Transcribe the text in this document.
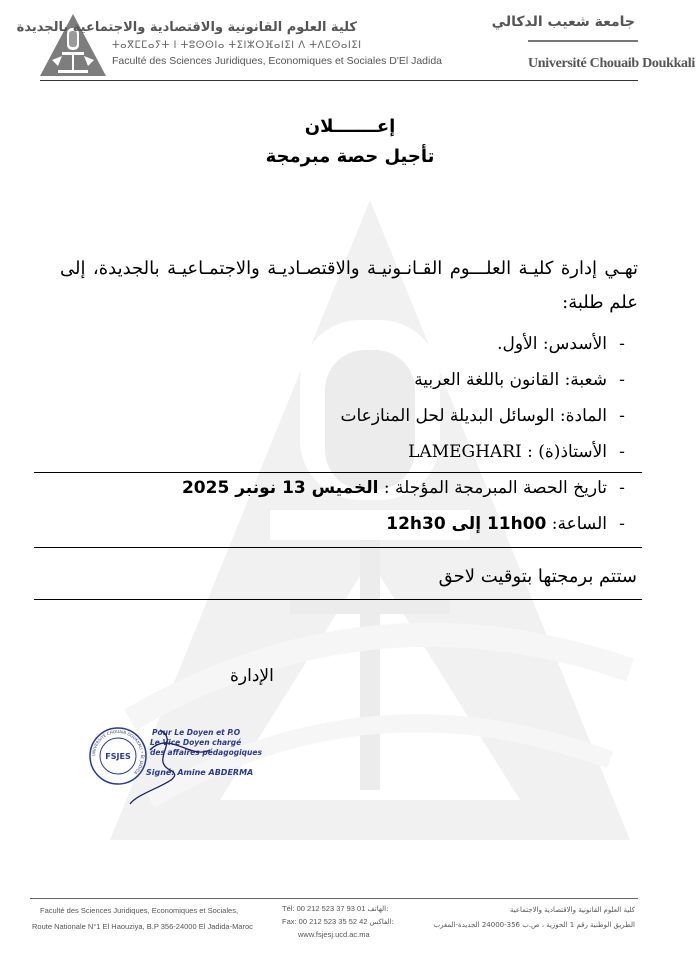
كلية العلوم القانونية والاقتصادية والاجتماعية بالجديدة
ⵜⴰⴳⵎⵎⴰⵢⵜ ⵏ ⵜⵓⵙⵙⵏⴰ ⵜⵉⵏⵣⵔⴼⴰⵏⵉⵏ ⴷ ⵜⴷⵎⵙⴰⵏⵉⵏ
Faculté des Sciences Juridiques, Economiques et Sociales D'El Jadida
جامعة شعيب الدكالي
Université Chouaib Doukkali
إعـــــــلان
تأجيل حصة مبرمجة
تهـي إدارة كليـة العلـــوم القـانـونيـة والاقتصـاديـة والاجتمـاعيـة بالجديدة، إلى علم طلبة:
-الأسدس: الأول.
-شعبة: القانون باللغة العربية
-المادة: الوسائل البديلة لحل المنازعات
-الأستاذ(ة) : LAMEGHARI
-تاريخ الحصة المبرمجة المؤجلة : الخميس 13 نونبر 2025
-الساعة: 11h00 إلى 12h30
ستتم برمجتها بتوقيت لاحق
الإدارة
FSJES
UNIVERSITÉ CHOUAIB DOUKKALI • EL JADIDA
Pour Le Doyen et P.O
Le Vice Doyen chargé
des affaires pédagogiques
Signé: Amine ABDERMA
Faculté des Sciences Juridiques, Economiques et Sociales,
Route Nationale N°1 El Haouziya, B.P 356-24000 El Jadida-Maroc
Tél: 00 212 523 37 93 01 الهاتف:
Fax: 00 212 523 35 52 42 الفاكس:
www.fsjesj.ucd.ac.ma
كلية العلوم القانونية والاقتصادية والاجتماعية
الطريق الوطنية رقم 1 الحوزية ، ص.ب 356-24000 الجديدة-المغرب
